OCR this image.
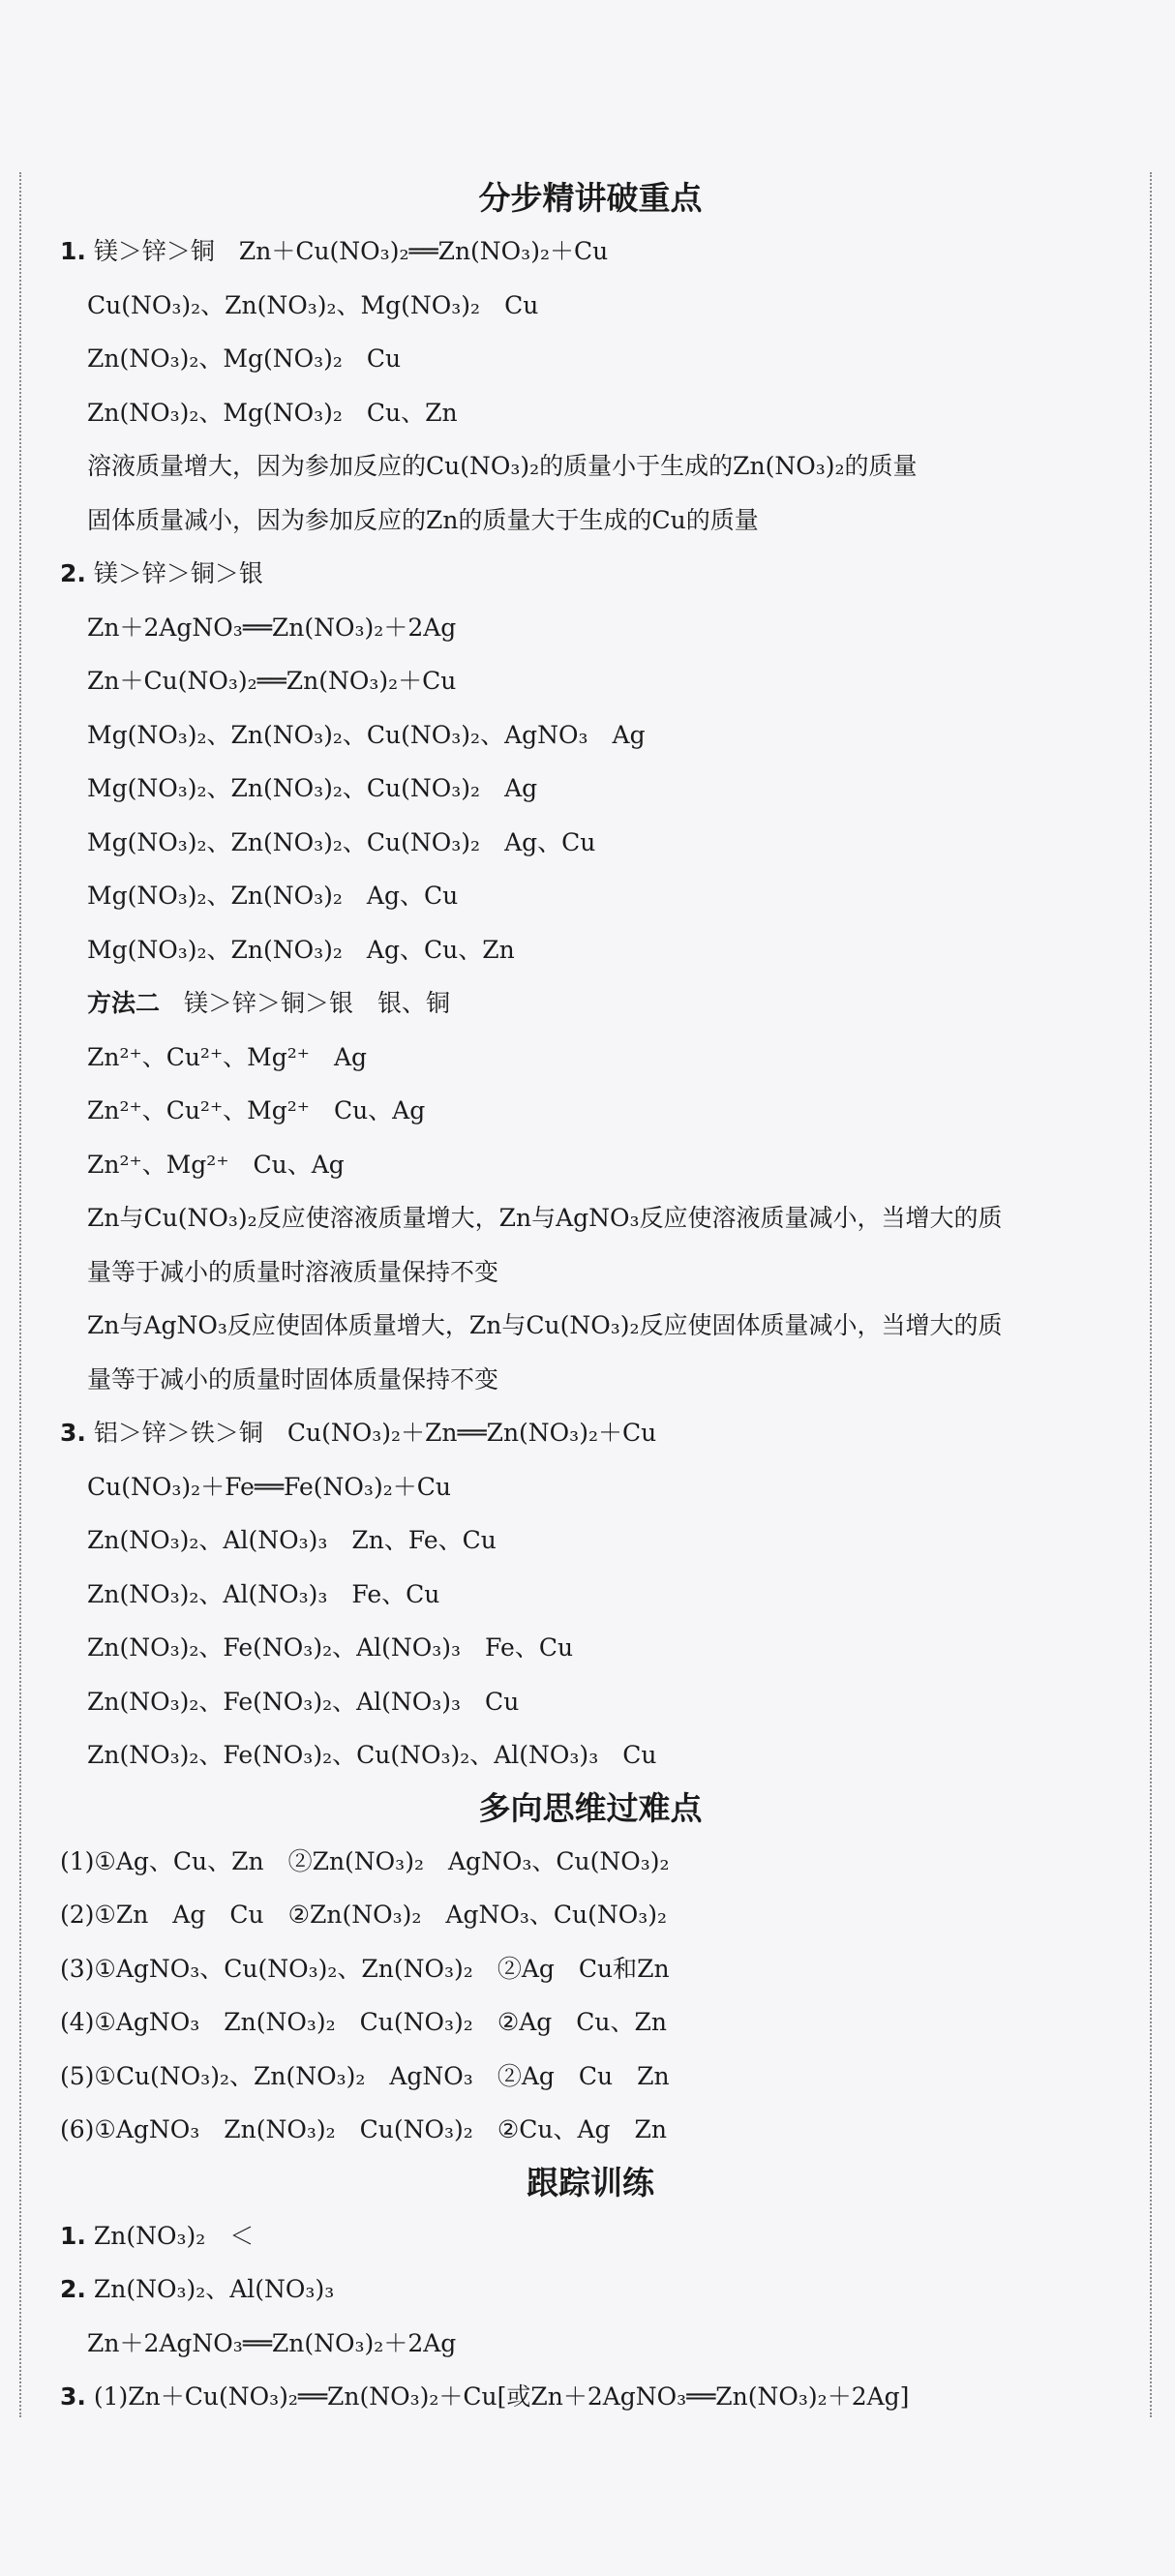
分步精讲破重点
1. 镁＞锌＞铜　Zn＋Cu(NO₃)₂══Zn(NO₃)₂＋Cu
Cu(NO₃)₂、Zn(NO₃)₂、Mg(NO₃)₂　Cu
Zn(NO₃)₂、Mg(NO₃)₂　Cu
Zn(NO₃)₂、Mg(NO₃)₂　Cu、Zn
溶液质量增大，因为参加反应的Cu(NO₃)₂的质量小于生成的Zn(NO₃)₂的质量
固体质量减小，因为参加反应的Zn的质量大于生成的Cu的质量
2. 镁＞锌＞铜＞银
Zn＋2AgNO₃══Zn(NO₃)₂＋2Ag
Zn＋Cu(NO₃)₂══Zn(NO₃)₂＋Cu
Mg(NO₃)₂、Zn(NO₃)₂、Cu(NO₃)₂、AgNO₃　Ag
Mg(NO₃)₂、Zn(NO₃)₂、Cu(NO₃)₂　Ag
Mg(NO₃)₂、Zn(NO₃)₂、Cu(NO₃)₂　Ag、Cu
Mg(NO₃)₂、Zn(NO₃)₂　Ag、Cu
Mg(NO₃)₂、Zn(NO₃)₂　Ag、Cu、Zn
方法二　镁＞锌＞铜＞银　银、铜
Zn²⁺、Cu²⁺、Mg²⁺　Ag
Zn²⁺、Cu²⁺、Mg²⁺　Cu、Ag
Zn²⁺、Mg²⁺　Cu、Ag
Zn与Cu(NO₃)₂反应使溶液质量增大，Zn与AgNO₃反应使溶液质量减小，当增大的质
量等于减小的质量时溶液质量保持不变
Zn与AgNO₃反应使固体质量增大，Zn与Cu(NO₃)₂反应使固体质量减小，当增大的质
量等于减小的质量时固体质量保持不变
3. 铝＞锌＞铁＞铜　Cu(NO₃)₂＋Zn══Zn(NO₃)₂＋Cu
Cu(NO₃)₂＋Fe══Fe(NO₃)₂＋Cu
Zn(NO₃)₂、Al(NO₃)₃　Zn、Fe、Cu
Zn(NO₃)₂、Al(NO₃)₃　Fe、Cu
Zn(NO₃)₂、Fe(NO₃)₂、Al(NO₃)₃　Fe、Cu
Zn(NO₃)₂、Fe(NO₃)₂、Al(NO₃)₃　Cu
Zn(NO₃)₂、Fe(NO₃)₂、Cu(NO₃)₂、Al(NO₃)₃　Cu
多向思维过难点
(1)①Ag、Cu、Zn　②Zn(NO₃)₂　AgNO₃、Cu(NO₃)₂
(2)①Zn　Ag　Cu　②Zn(NO₃)₂　AgNO₃、Cu(NO₃)₂
(3)①AgNO₃、Cu(NO₃)₂、Zn(NO₃)₂　②Ag　Cu和Zn
(4)①AgNO₃　Zn(NO₃)₂　Cu(NO₃)₂　②Ag　Cu、Zn
(5)①Cu(NO₃)₂、Zn(NO₃)₂　AgNO₃　②Ag　Cu　Zn
(6)①AgNO₃　Zn(NO₃)₂　Cu(NO₃)₂　②Cu、Ag　Zn
跟踪训练
1. Zn(NO₃)₂　＜
2. Zn(NO₃)₂、Al(NO₃)₃
Zn＋2AgNO₃══Zn(NO₃)₂＋2Ag
3. (1)Zn＋Cu(NO₃)₂══Zn(NO₃)₂＋Cu[或Zn＋2AgNO₃══Zn(NO₃)₂＋2Ag]
